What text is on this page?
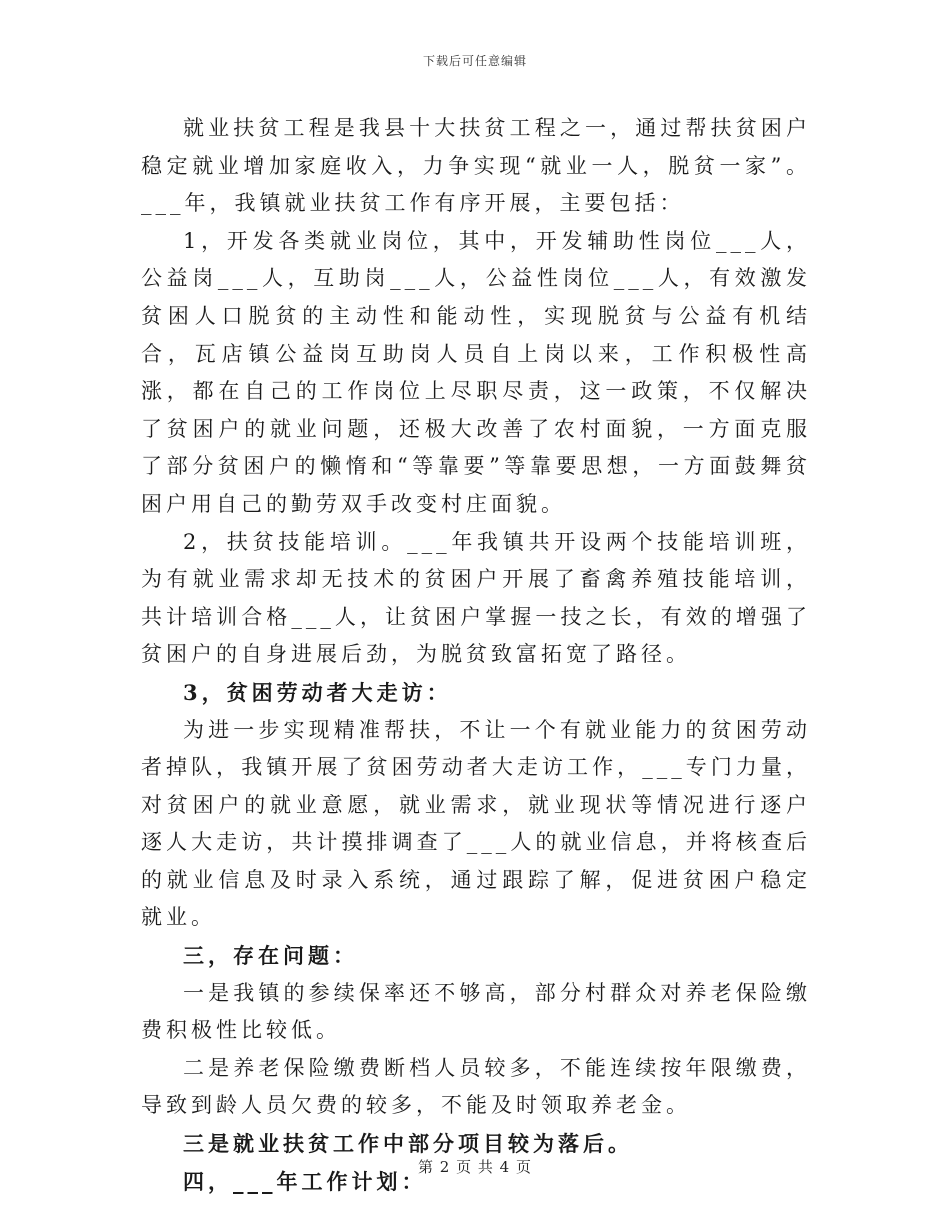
下载后可任意编辑

就业扶贫工程是我县十大扶贫工程之一，通过帮扶贫困户稳定就业增加家庭收入，力争实现“就业一人，脱贫一家”。___年，我镇就业扶贫工作有序开展，主要包括：

1，开发各类就业岗位，其中，开发辅助性岗位___人，公益岗___人，互助岗___人，公益性岗位___人，有效激发贫困人口脱贫的主动性和能动性，实现脱贫与公益有机结合，瓦店镇公益岗互助岗人员自上岗以来，工作积极性高涨，都在自己的工作岗位上尽职尽责，这一政策，不仅解决了贫困户的就业问题，还极大改善了农村面貌，一方面克服了部分贫困户的懒惰和“等靠要”等靠要思想，一方面鼓舞贫困户用自己的勤劳双手改变村庄面貌。

2，扶贫技能培训。___年我镇共开设两个技能培训班，为有就业需求却无技术的贫困户开展了畜禽养殖技能培训，共计培训合格___人，让贫困户掌握一技之长，有效的增强了贫困户的自身进展后劲，为脱贫致富拓宽了路径。

3，贫困劳动者大走访：

为进一步实现精准帮扶，不让一个有就业能力的贫困劳动者掉队，我镇开展了贫困劳动者大走访工作，___专门力量，对贫困户的就业意愿，就业需求，就业现状等情况进行逐户逐人大走访，共计摸排调查了___人的就业信息，并将核查后的就业信息及时录入系统，通过跟踪了解，促进贫困户稳定就业。

三，存在问题：

一是我镇的参续保率还不够高，部分村群众对养老保险缴费积极性比较低。

二是养老保险缴费断档人员较多，不能连续按年限缴费，导致到龄人员欠费的较多，不能及时领取养老金。

三是就业扶贫工作中部分项目较为落后。

四，___年工作计划：

第 2 页 共 4 页
